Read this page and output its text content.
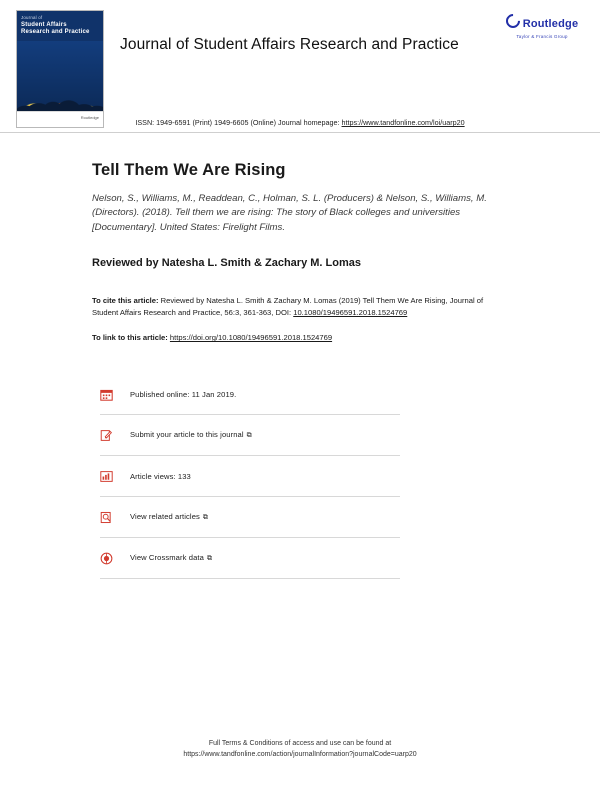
Journal of
Student Affairs
Research and Practice
Routledge
Journal of Student Affairs Research and Practice
Routledge
Taylor & Francis Group
ISSN: 1949-6591 (Print) 1949-6605 (Online) Journal homepage: https://www.tandfonline.com/loi/uarp20
Tell Them We Are Rising
Nelson, S., Williams, M., Readdean, C., Holman, S. L. (Producers) & Nelson, S., Williams, M. (Directors). (2018). Tell them we are rising: The story of Black colleges and universities [Documentary]. United States: Firelight Films.
Reviewed by Natesha L. Smith & Zachary M. Lomas
To cite this article: Reviewed by Natesha L. Smith & Zachary M. Lomas (2019) Tell Them We Are Rising, Journal of Student Affairs Research and Practice, 56:3, 361-363, DOI: 10.1080/19496591.2018.1524769
To link to this article: https://doi.org/10.1080/19496591.2018.1524769
Published online: 11 Jan 2019.
Submit your article to this journal ⧉
Article views: 133
View related articles ⧉
View Crossmark data ⧉
Full Terms & Conditions of access and use can be found at
https://www.tandfonline.com/action/journalInformation?journalCode=uarp20
